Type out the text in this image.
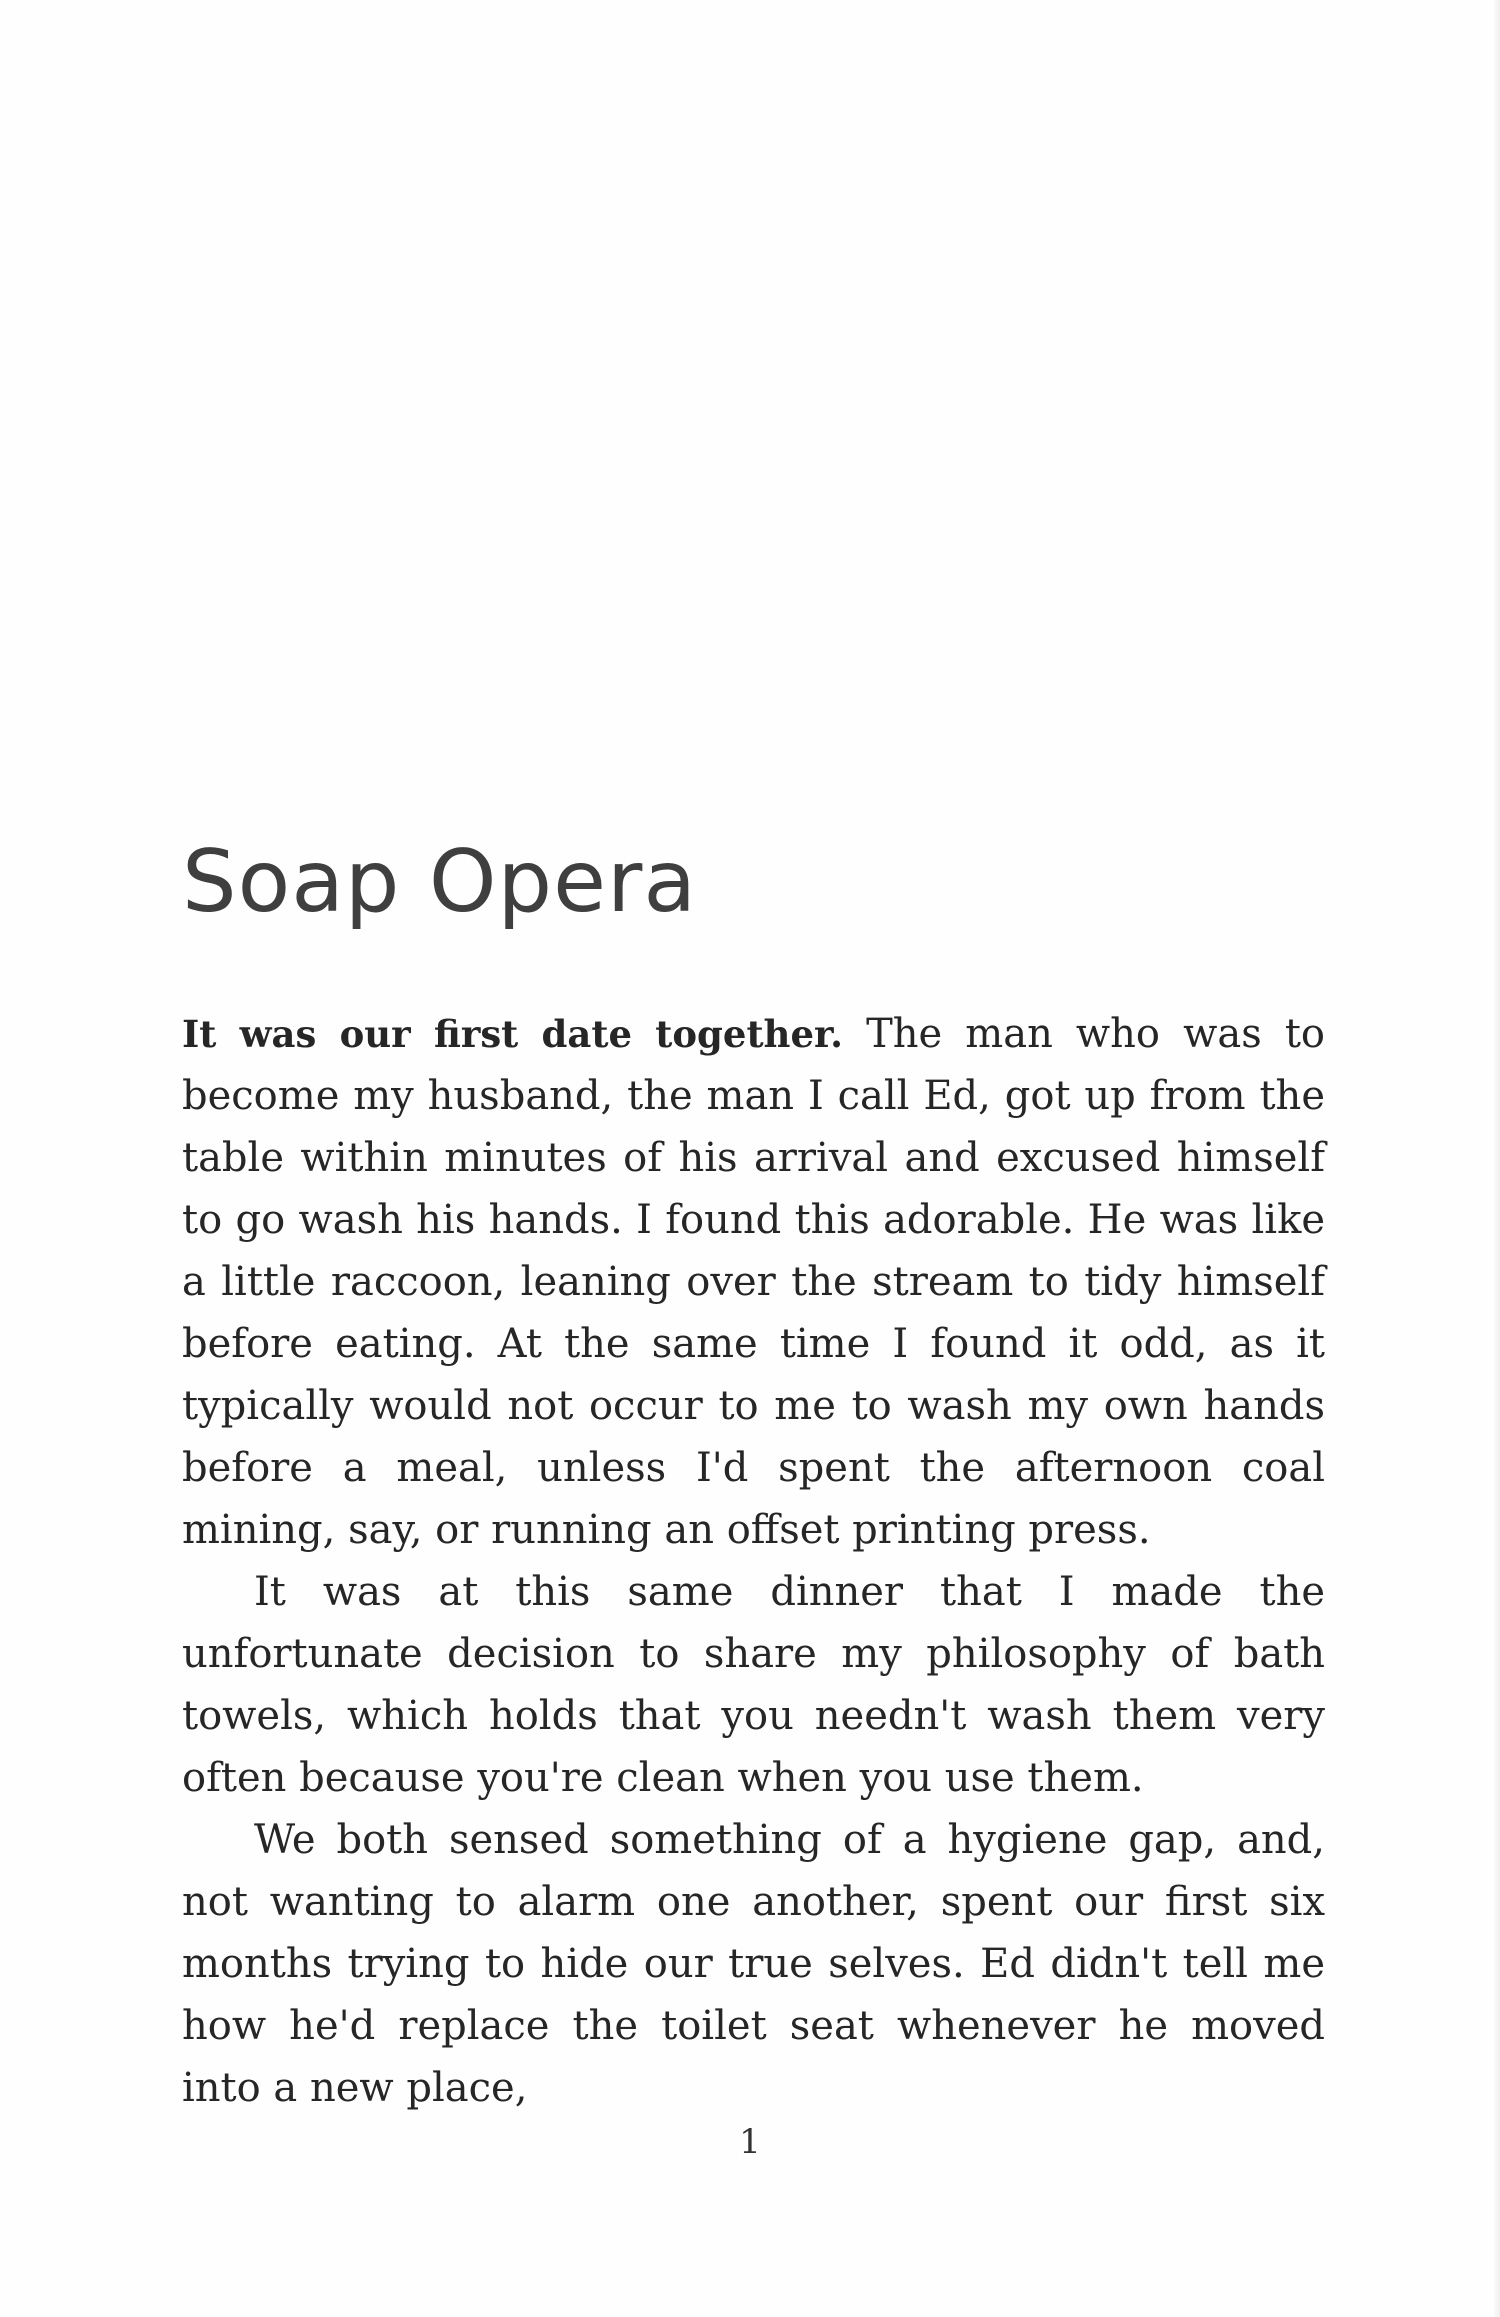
Soap Opera

It was our first date together. The man who was to become my husband, the man I call Ed, got up from the table within minutes of his arrival and excused himself to go wash his hands. I found this adorable. He was like a little raccoon, leaning over the stream to tidy himself before eating. At the same time I found it odd, as it typically would not occur to me to wash my own hands before a meal, unless I'd spent the afternoon coal mining, say, or running an offset printing press.

It was at this same dinner that I made the unfortunate decision to share my philosophy of bath towels, which holds that you needn't wash them very often because you're clean when you use them.

We both sensed something of a hygiene gap, and, not wanting to alarm one another, spent our first six months trying to hide our true selves. Ed didn't tell me how he'd replace the toilet seat whenever he moved into a new place,

1
